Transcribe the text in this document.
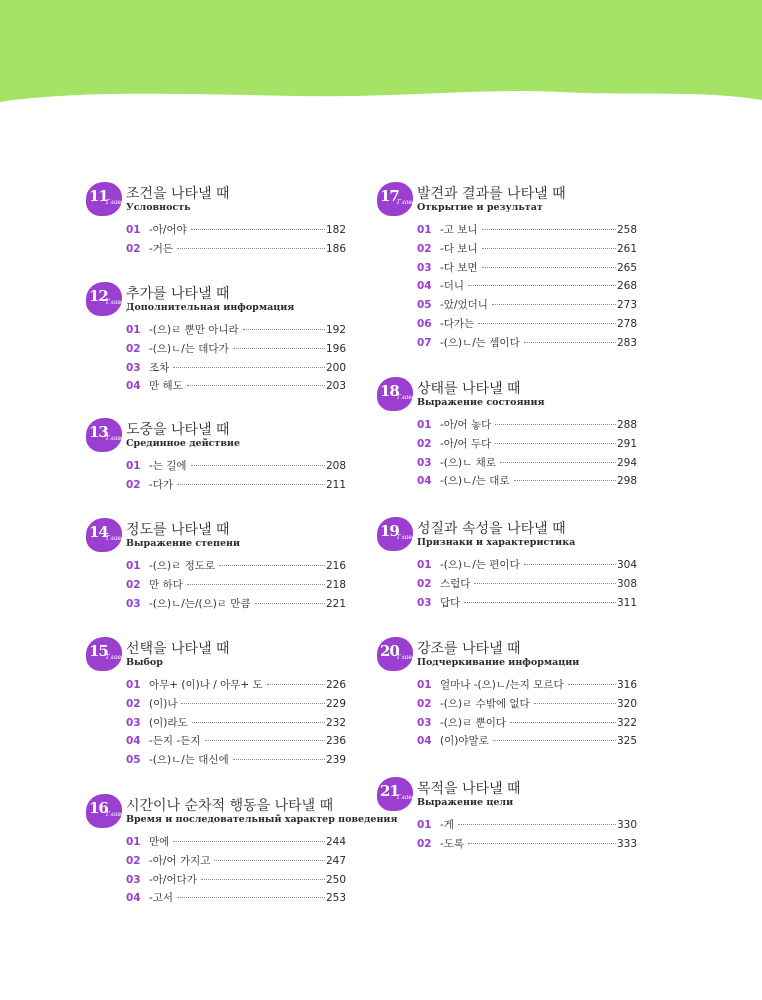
11
Глава
조건을 나타낼 때
Условность
01 -아/어야	182
02 -거든	186
12
Глава
추가를 나타낼 때
Дополнительная информация
01 -(으)ㄹ 뿐만 아니라	192
02 -(으)ㄴ/는 데다가	196
03 조차	200
04 만 해도	203
13
Глава
도중을 나타낼 때
Срединное действие
01 -는 길에	208
02 -다가	211
14
Глава
정도를 나타낼 때
Выражение степени
01 -(으)ㄹ 정도로	216
02 만 하다	218
03 -(으)ㄴ/는/(으)ㄹ 만큼	221
15
Глава
선택을 나타낼 때
Выбор
01 아무+ (이)나 / 아무+ 도	226
02 (이)나	229
03 (이)라도	232
04 -든지 -든지	236
05 -(으)ㄴ/는 대신에	239
16
Глава
시간이나 순차적 행동을 나타낼 때
Время и последовательный характер поведения
01 만에	244
02 -아/어 가지고	247
03 -아/어다가	250
04 -고서	253
17
Глава
발견과 결과를 나타낼 때
Открытие и результат
01 -고 보니	258
02 -다 보니	261
03 -다 보면	265
04 -더니	268
05 -았/었더니	273
06 -다가는	278
07 -(으)ㄴ/는 셈이다	283
18
Глава
상태를 나타낼 때
Выражение состояния
01 -아/어 놓다	288
02 -아/어 두다	291
03 -(으)ㄴ 채로	294
04 -(으)ㄴ/는 대로	298
19
Глава
성질과 속성을 나타낼 때
Признаки и характеристика
01 -(으)ㄴ/는 편이다	304
02 스럽다	308
03 답다	311
20
Глава
강조를 나타낼 때
Подчеркивание информации
01 얼마나 -(으)ㄴ/는지 모르다	316
02 -(으)ㄹ 수밖에 없다	320
03 -(으)ㄹ 뿐이다	322
04 (이)야말로	325
21
Глава
목적을 나타낼 때
Выражение цели
01 -게	330
02 -도록	333
